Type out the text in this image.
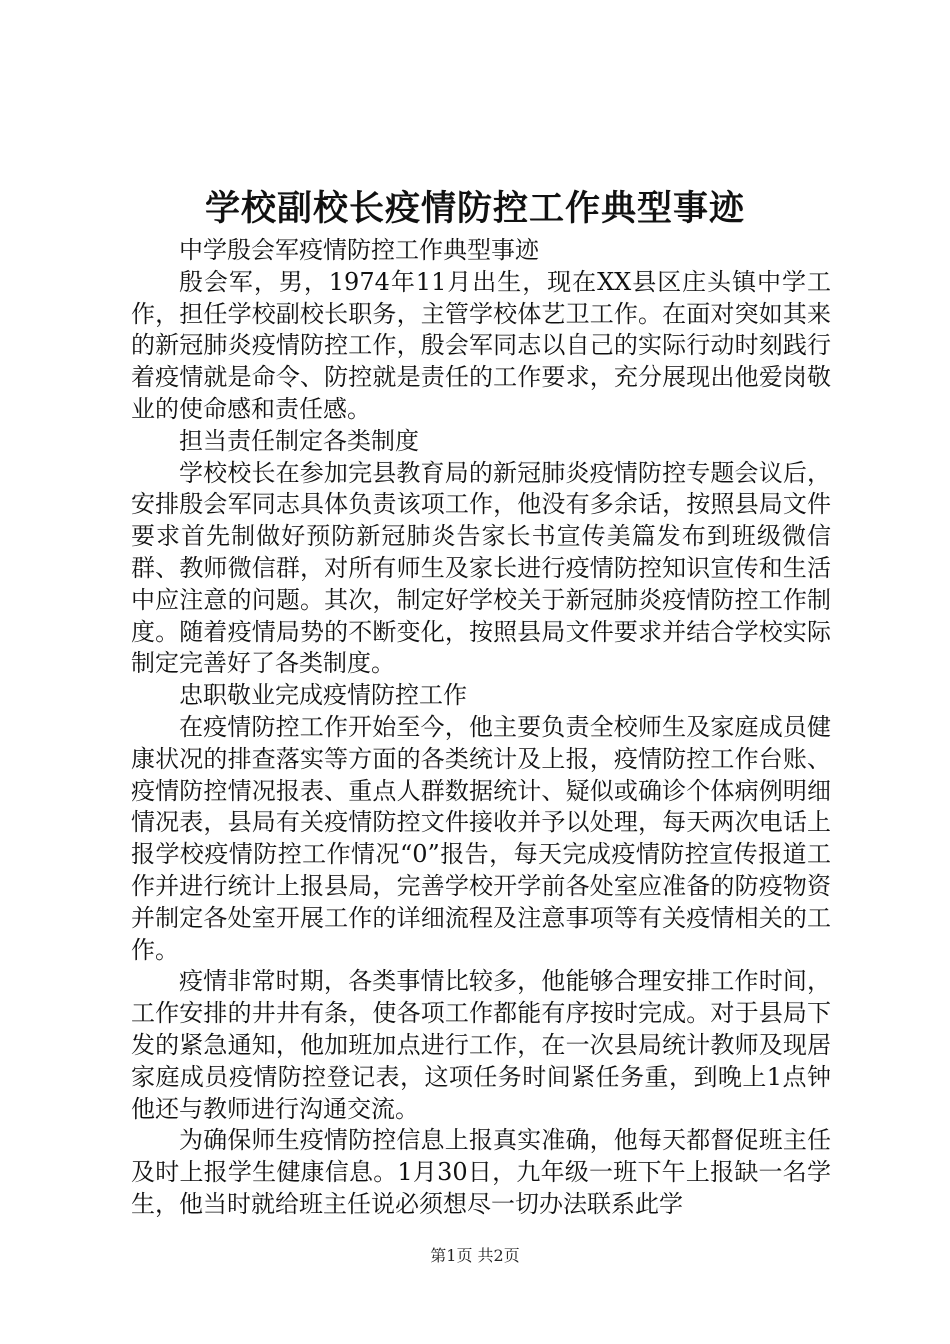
学校副校长疫情防控工作典型事迹

中学殷会军疫情防控工作典型事迹

殷会军，男，1974年11月出生，现在XX县区庄头镇中学工作，担任学校副校长职务，主管学校体艺卫工作。在面对突如其来的新冠肺炎疫情防控工作，殷会军同志以自己的实际行动时刻践行着疫情就是命令、防控就是责任的工作要求，充分展现出他爱岗敬业的使命感和责任感。

担当责任制定各类制度

学校校长在参加完县教育局的新冠肺炎疫情防控专题会议后，安排殷会军同志具体负责该项工作，他没有多余话，按照县局文件要求首先制做好预防新冠肺炎告家长书宣传美篇发布到班级微信群、教师微信群，对所有师生及家长进行疫情防控知识宣传和生活中应注意的问题。其次，制定好学校关于新冠肺炎疫情防控工作制度。随着疫情局势的不断变化，按照县局文件要求并结合学校实际制定完善好了各类制度。

忠职敬业完成疫情防控工作

在疫情防控工作开始至今，他主要负责全校师生及家庭成员健康状况的排查落实等方面的各类统计及上报，疫情防控工作台账、疫情防控情况报表、重点人群数据统计、疑似或确诊个体病例明细情况表，县局有关疫情防控文件接收并予以处理，每天两次电话上报学校疫情防控工作情况“0”报告，每天完成疫情防控宣传报道工作并进行统计上报县局，完善学校开学前各处室应准备的防疫物资并制定各处室开展工作的详细流程及注意事项等有关疫情相关的工作。

疫情非常时期，各类事情比较多，他能够合理安排工作时间，工作安排的井井有条，使各项工作都能有序按时完成。对于县局下发的紧急通知，他加班加点进行工作，在一次县局统计教师及现居家庭成员疫情防控登记表，这项任务时间紧任务重，到晚上1点钟他还与教师进行沟通交流。

为确保师生疫情防控信息上报真实准确，他每天都督促班主任及时上报学生健康信息。1月30日，九年级一班下午上报缺一名学生，他当时就给班主任说必须想尽一切办法联系此学

第1页 共2页
